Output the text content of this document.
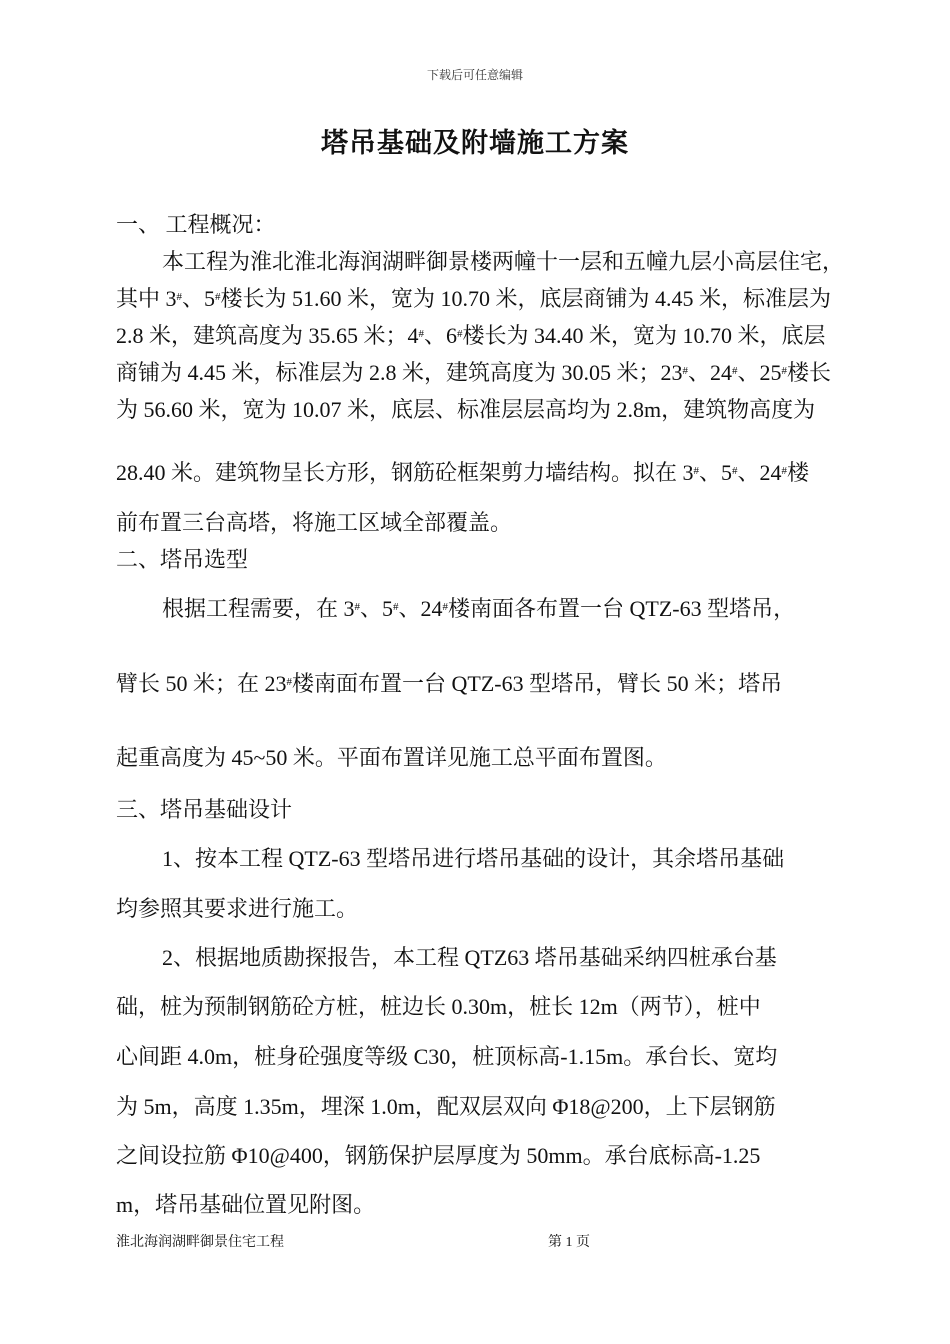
下载后可任意编辑
塔吊基础及附墙施工方案
一、 工程概况：
本工程为淮北淮北海润湖畔御景楼两幢十一层和五幢九层小高层住宅，
其中 3#、5#楼长为 51.60 米，宽为 10.70 米，底层商铺为 4.45 米，标准层为
2.8 米，建筑高度为 35.65 米；4#、6#楼长为 34.40 米，宽为 10.70 米，底层
商铺为 4.45 米，标准层为 2.8 米，建筑高度为 30.05 米；23#、24#、25#楼长
为 56.60 米，宽为 10.07 米，底层、标准层层高均为 2.8m，建筑物高度为
28.40 米。建筑物呈长方形，钢筋砼框架剪力墙结构。拟在 3#、5#、24#楼
前布置三台高塔，将施工区域全部覆盖。
二、塔吊选型
根据工程需要，在 3#、5#、24#楼南面各布置一台 QTZ-63 型塔吊，
臂长 50 米；在 23#楼南面布置一台 QTZ-63 型塔吊，臂长 50 米；塔吊
起重高度为 45~50 米。平面布置详见施工总平面布置图。
三、塔吊基础设计
1、按本工程 QTZ-63 型塔吊进行塔吊基础的设计，其余塔吊基础
均参照其要求进行施工。
2、根据地质勘探报告，本工程 QTZ63 塔吊基础采纳四桩承台基
础，桩为预制钢筋砼方桩，桩边长 0.30m，桩长 12m（两节），桩中
心间距 4.0m，桩身砼强度等级 C30，桩顶标高-1.15m。承台长、宽均
为 5m，高度 1.35m，埋深 1.0m，配双层双向 Φ18@200，上下层钢筋
之间设拉筋 Φ10@400，钢筋保护层厚度为 50mm。承台底标高-1.25
m，塔吊基础位置见附图。
淮北海润湖畔御景住宅工程	第 1 页
